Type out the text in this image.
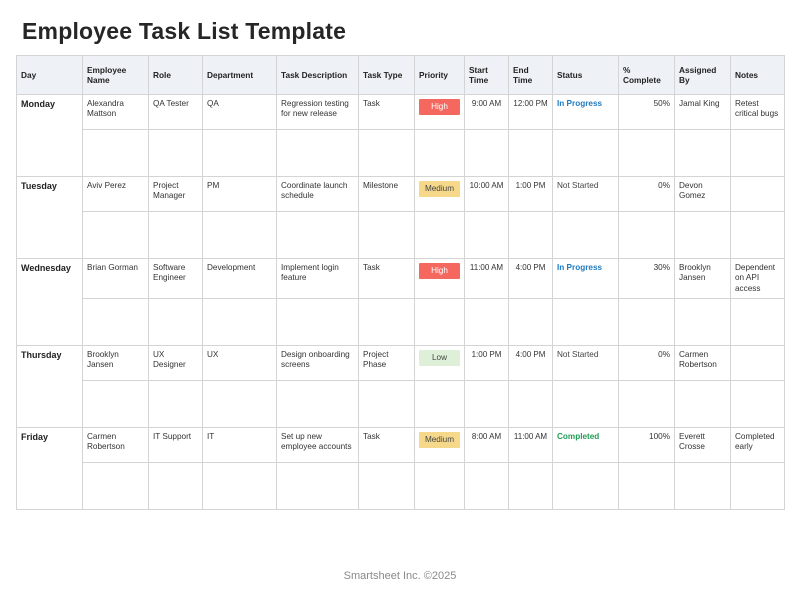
Employee Task List Template
Day	Employee Name	Role	Department	Task Description	Task Type	Priority	Start Time	End Time	Status	% Complete	Assigned By	Notes
Monday	Alexandra Mattson	QA Tester	QA	Regression testing for new release	Task	High	9:00 AM	12:00 PM	In Progress	50%	Jamal King	Retest critical bugs

Tuesday	Aviv Perez	Project Manager	PM	Coordinate launch schedule	Milestone	Medium	10:00 AM	1:00 PM	Not Started	0%	Devon Gomez	

Wednesday	Brian Gorman	Software Engineer	Development	Implement login feature	Task	High	11:00 AM	4:00 PM	In Progress	30%	Brooklyn Jansen	Dependent on API access

Thursday	Brooklyn Jansen	UX Designer	UX	Design onboarding screens	Project Phase	Low	1:00 PM	4:00 PM	Not Started	0%	Carmen Robertson	

Friday	Carmen Robertson	IT Support	IT	Set up new employee accounts	Task	Medium	8:00 AM	11:00 AM	Completed	100%	Everett Crosse	Completed early

Smartsheet Inc. ©2025
